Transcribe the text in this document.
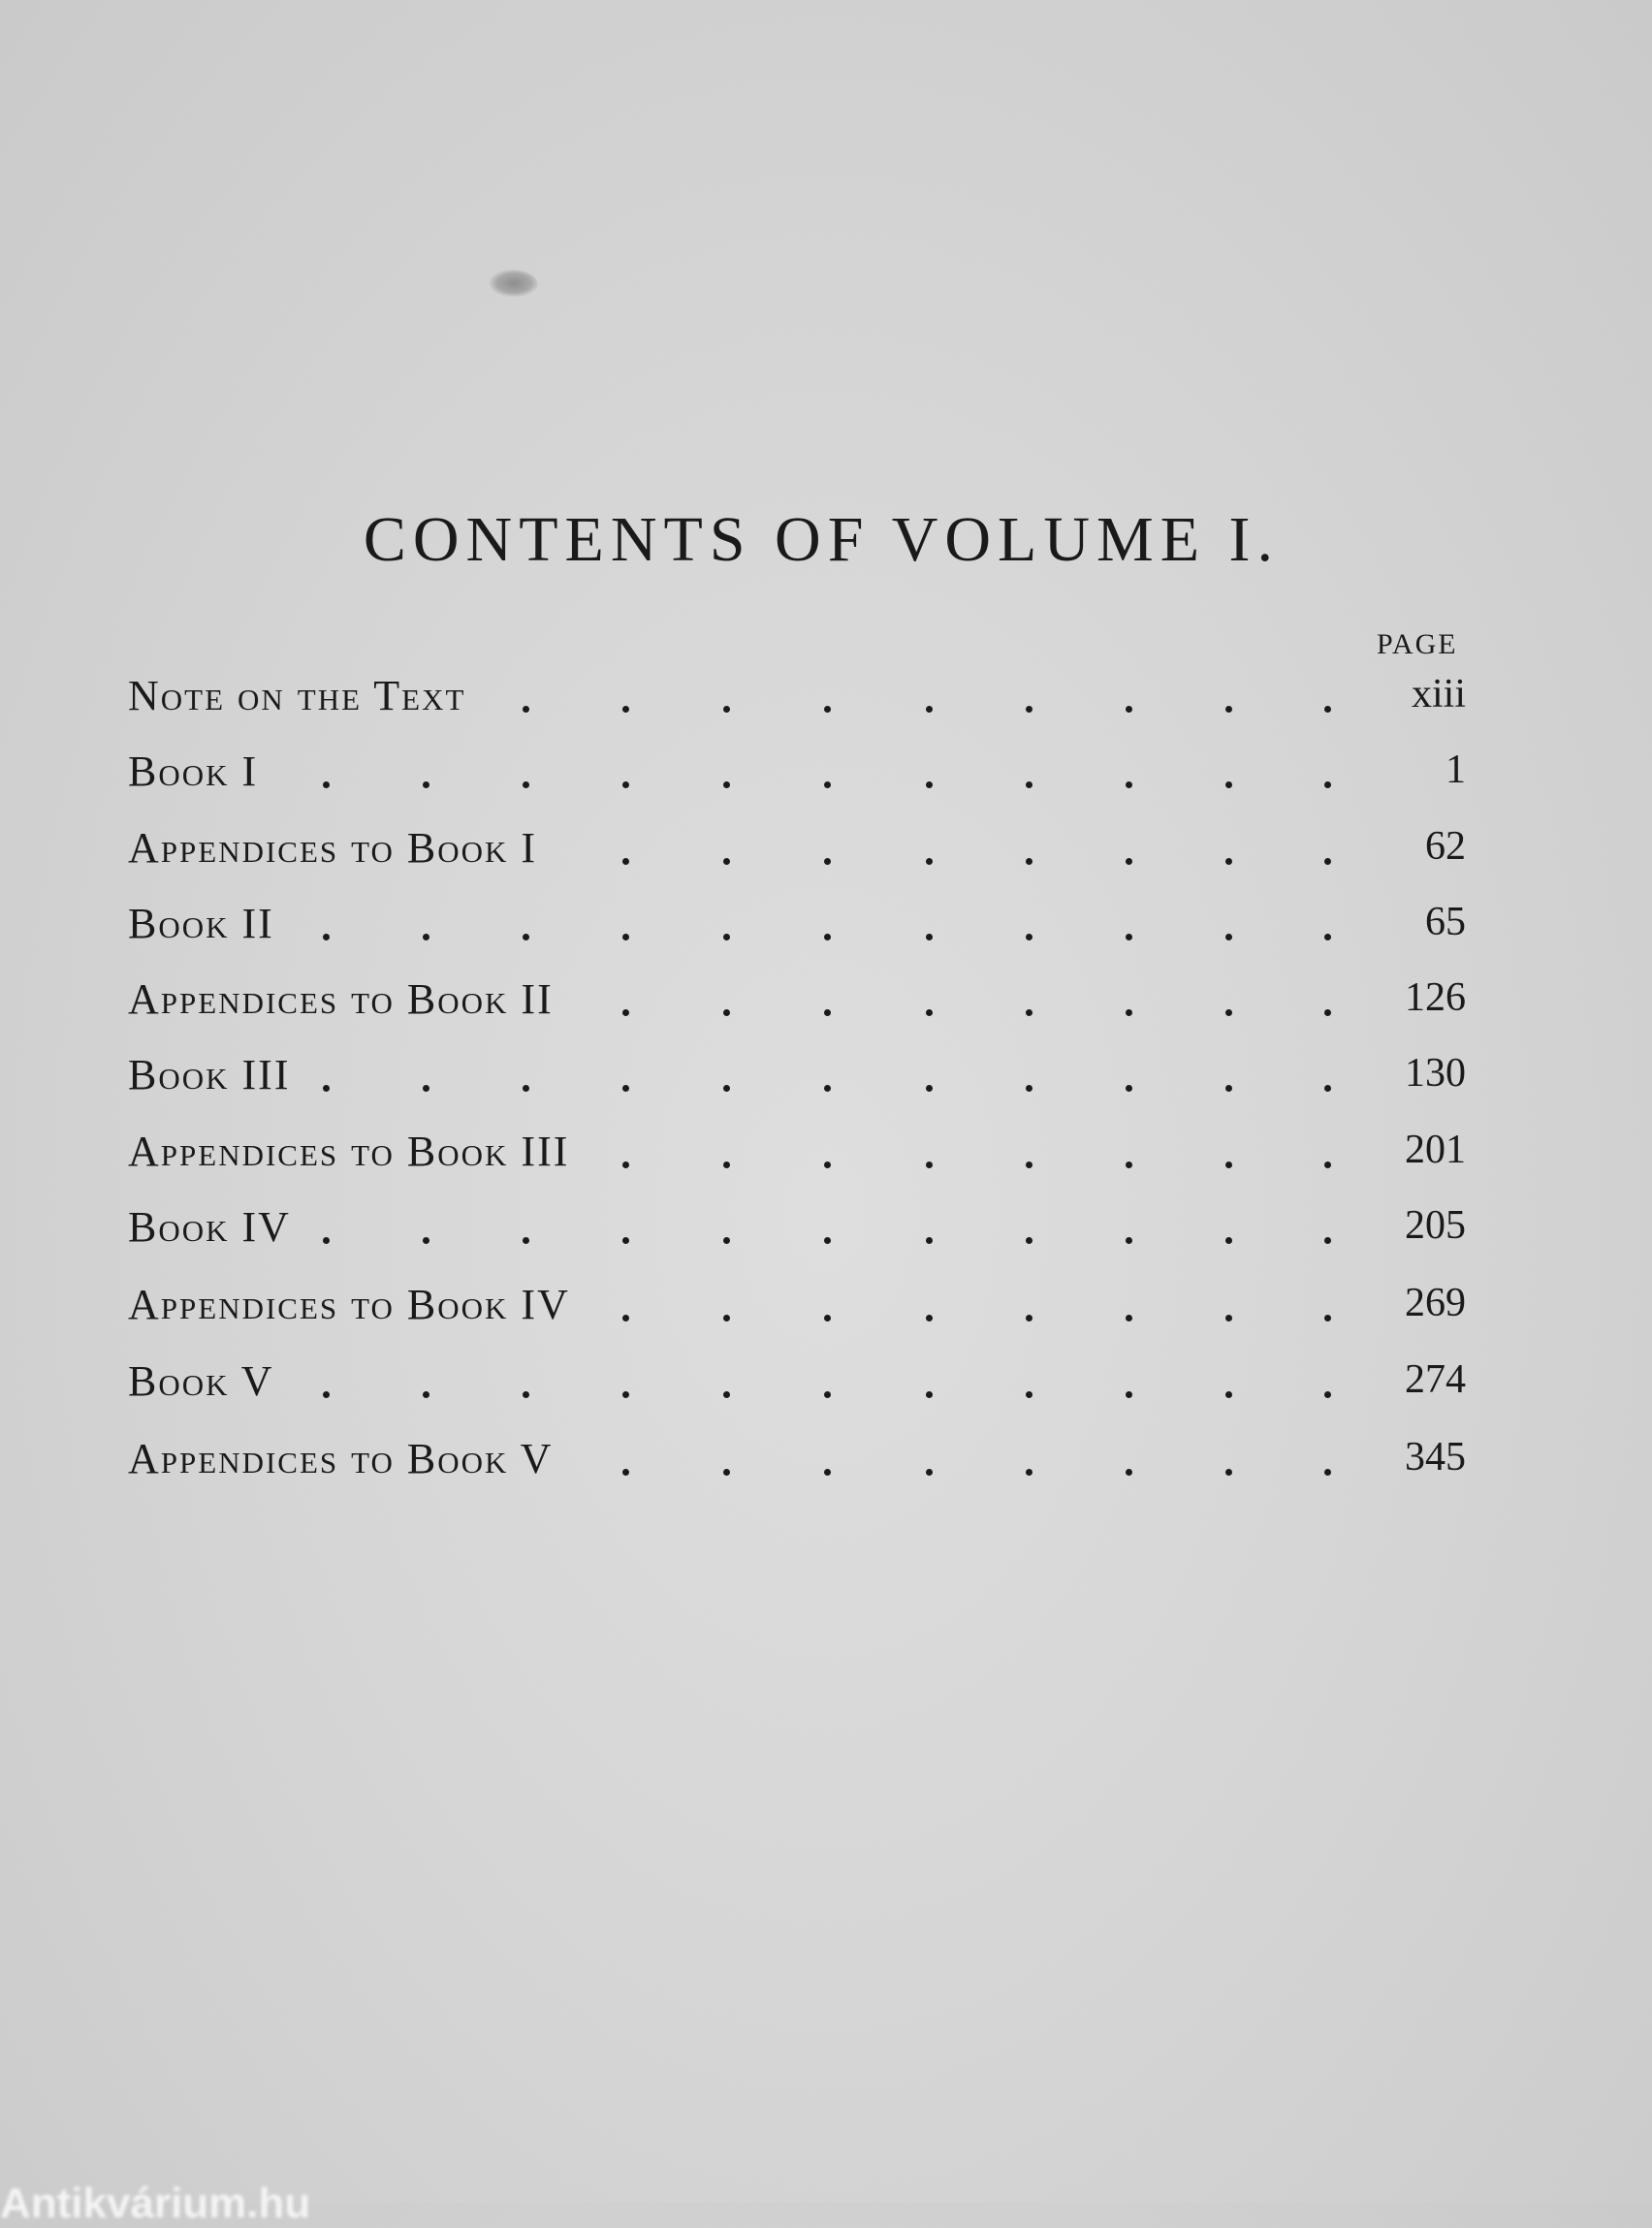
CONTENTS OF VOLUME I.
PAGE
Note on the Text	xiii
Book I	1
Appendices to Book I	62
Book II	65
Appendices to Book II	126
Book III	130
Appendices to Book III	201
Book IV	205
Appendices to Book IV	269
Book V	274
Appendices to Book V	345
Antikvárium.hu
